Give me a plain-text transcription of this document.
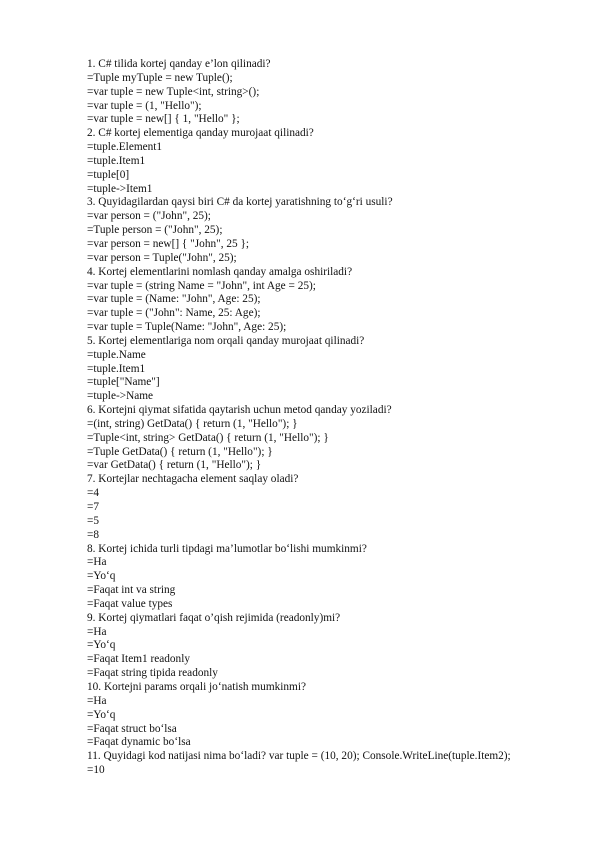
1. C# tilida kortej qanday e’lon qilinadi?
=Tuple myTuple = new Tuple();
=var tuple = new Tuple<int, string>();
=var tuple = (1, "Hello");
=var tuple = new[] { 1, "Hello" };
2. C# kortej elementiga qanday murojaat qilinadi?
=tuple.Element1
=tuple.Item1
=tuple[0]
=tuple->Item1
3. Quyidagilardan qaysi biri C# da kortej yaratishning to‘g‘ri usuli?
=var person = ("John", 25);
=Tuple person = ("John", 25);
=var person = new[] { "John", 25 };
=var person = Tuple("John", 25);
4. Kortej elementlarini nomlash qanday amalga oshiriladi?
=var tuple = (string Name = "John", int Age = 25);
=var tuple = (Name: "John", Age: 25);
=var tuple = ("John": Name, 25: Age);
=var tuple = Tuple(Name: "John", Age: 25);
5. Kortej elementlariga nom orqali qanday murojaat qilinadi?
=tuple.Name
=tuple.Item1
=tuple["Name"]
=tuple->Name
6. Kortejni qiymat sifatida qaytarish uchun metod qanday yoziladi?
=(int, string) GetData() { return (1, "Hello"); }
=Tuple<int, string> GetData() { return (1, "Hello"); }
=Tuple GetData() { return (1, "Hello"); }
=var GetData() { return (1, "Hello"); }
7. Kortejlar nechtagacha element saqlay oladi?
=4
=7
=5
=8
8. Kortej ichida turli tipdagi ma’lumotlar bo‘lishi mumkinmi?
=Ha
=Yo‘q
=Faqat int va string
=Faqat value types
9. Kortej qiymatlari faqat o’qish rejimida (readonly)mi?
=Ha
=Yo‘q
=Faqat Item1 readonly
=Faqat string tipida readonly
10. Kortejni params orqali jo‘natish mumkinmi?
=Ha
=Yo‘q
=Faqat struct bo‘lsa
=Faqat dynamic bo‘lsa
11. Quyidagi kod natijasi nima bo‘ladi? var tuple = (10, 20); Console.WriteLine(tuple.Item2);
=10
